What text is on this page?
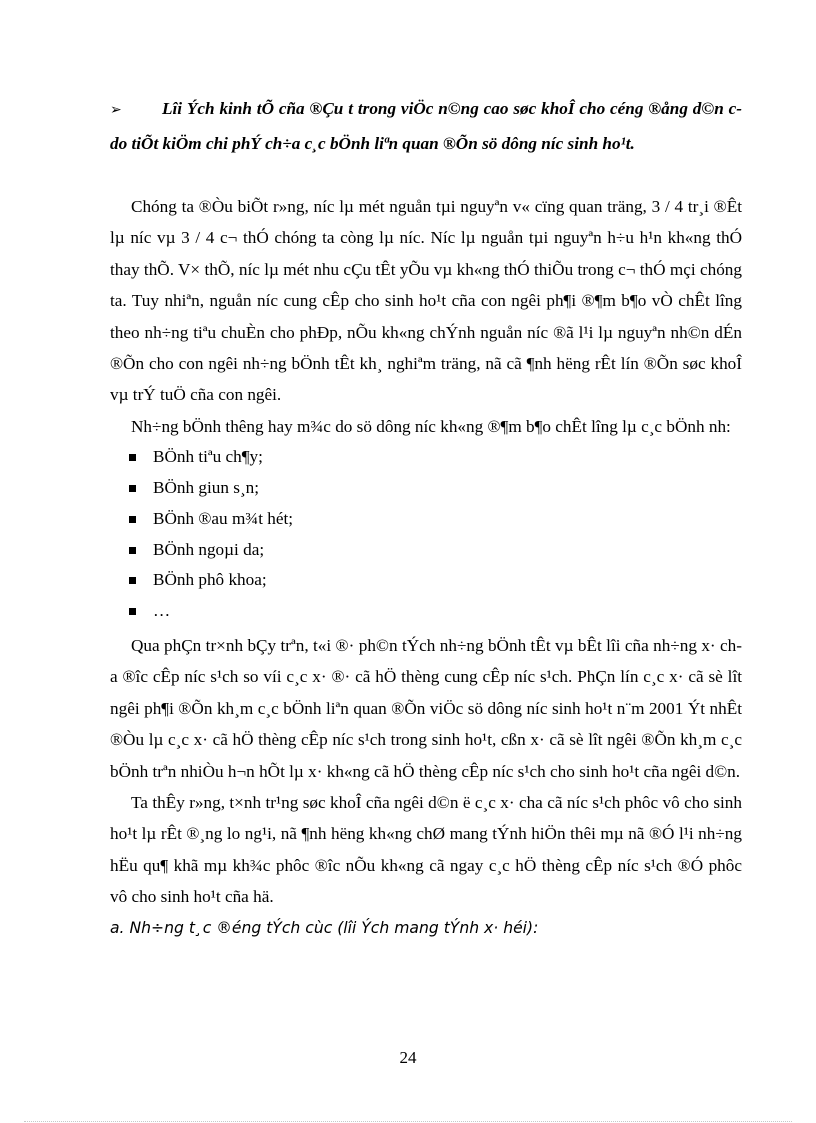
➢ Lîi Ých kinh tÕ cña ®Çu t trong viÖc n©ng cao søc khoÎ cho céng ®ång d©n c do tiÕt kiÖm chi phÝ ch÷a c¸c bÖnh liªn quan ®Õn sö dông níc sinh ho¹t.

Chóng ta ®Òu biÕt r»ng, níc lµ mét nguån tµi nguyªn v« cïng quan träng, 3 / 4 tr¸i ®Êt lµ níc vµ 3 / 4 c¬ thÓ chóng ta còng lµ níc. Níc lµ nguån tµi nguyªn h÷u h¹n kh«ng thÓ thay thÕ. V× thÕ, níc lµ mét nhu cÇu tÊt yÕu vµ kh«ng thÓ thiÕu trong c¬ thÓ mçi chóng ta. Tuy nhiªn, nguån níc cung cÊp cho sinh ho¹t cña con ngêi ph¶i ®¶m b¶o vÒ chÊt lîng theo nh÷ng tiªu chuÈn cho phÐp, nÕu kh«ng chÝnh nguån níc ®ã l¹i lµ nguyªn nh©n dÉn ®Õn cho con ngêi nh÷ng bÖnh tÊt kh¸ nghiªm träng, nã cã ¶nh hëng rÊt lín ®Õn søc khoÎ vµ trÝ tuÖ cña con ngêi.

Nh÷ng bÖnh thêng hay m¾c do sö dông níc kh«ng ®¶m b¶o chÊt lîng lµ c¸c bÖnh nh:

BÖnh tiªu ch¶y;
BÖnh giun s¸n;
BÖnh ®au m¾t hét;
BÖnh ngoµi da;
BÖnh phô khoa;
…

Qua phÇn tr×nh bÇy trªn, t«i ®· ph©n tÝch nh÷ng bÖnh tÊt vµ bÊt lîi cña nh÷ng x· cha ®îc cÊp níc s¹ch so víi c¸c x· ®· cã hÖ thèng cung cÊp níc s¹ch. PhÇn lín c¸c x· cã sè lît ngêi ph¶i ®Õn kh¸m c¸c bÖnh liªn quan ®Õn viÖc sö dông níc sinh ho¹t n¨m 2001 Ýt nhÊt ®Òu lµ c¸c x· cã hÖ thèng cÊp níc s¹ch trong sinh ho¹t, cßn x· cã sè lît ngêi ®Õn kh¸m c¸c bÖnh trªn nhiÒu h¬n hÕt lµ x· kh«ng cã hÖ thèng cÊp níc s¹ch cho sinh ho¹t cña ngêi d©n.

Ta thÊy r»ng, t×nh tr¹ng søc khoÎ cña ngêi d©n ë c¸c x· cha cã níc s¹ch phôc vô cho sinh ho¹t lµ rÊt ®¸ng lo ng¹i, nã ¶nh hëng kh«ng chØ mang tÝnh hiÖn thêi mµ nã ®Ó l¹i nh÷ng hËu qu¶ khã mµ kh¾c phôc ®îc nÕu kh«ng cã ngay c¸c hÖ thèng cÊp níc s¹ch ®Ó phôc vô cho sinh ho¹t cña hä.

a. Nh÷ng t¸c ®éng tÝch cùc (lîi Ých mang tÝnh x· héi):

24
